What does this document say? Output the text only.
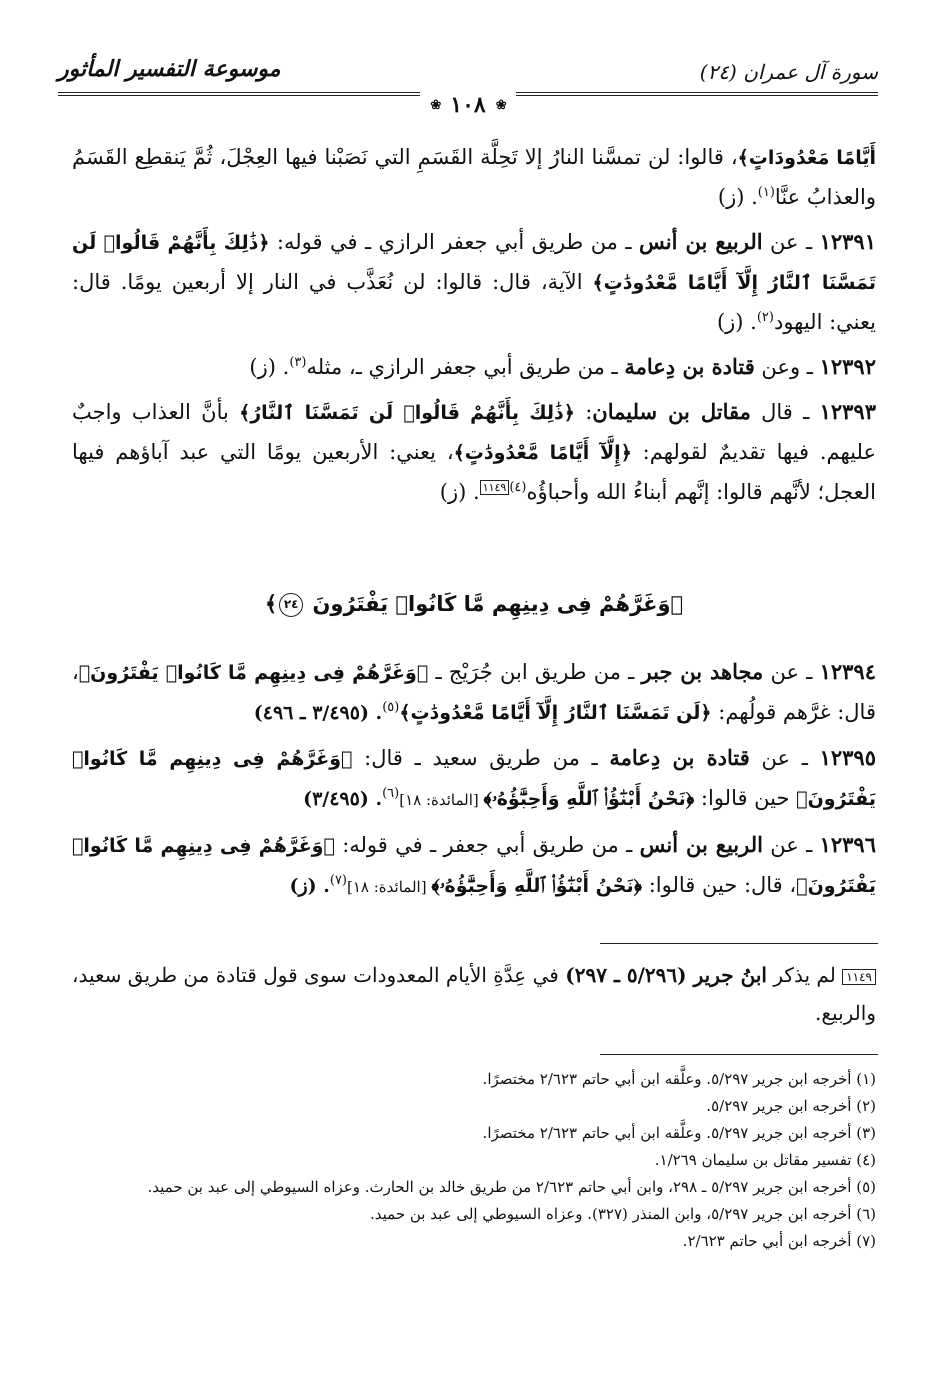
سورة آل عمران (٢٤)
موسوعة التفسير المأثور
❀
١٠٨
❀

أَيَّامًا مَعْدُودَاتٍ﴾، قالوا: لن تمسَّنا النارُ إلا تَحِلَّة القَسَمِ التي نَصَبْنا فيها العِجْلَ، ثُمَّ يَنقطِع القَسَمُ والعذابُ عنَّا$^{(١)}$. (ز)

١٢٣٩١ ـ عن الربيع بن أنس ـ من طريق أبي جعفر الرازي ـ في قوله: ﴿ذَٰلِكَ بِأَنَّهُمْ قَالُوا۟ لَن تَمَسَّنَا ٱلنَّارُ إِلَّآ أَيَّامًا مَّعْدُودَٰتٍ﴾ الآية، قال: قالوا: لن نُعَذَّب في النار إلا أربعين يومًا. قال: يعني: اليهود$^{(٢)}$. (ز)

١٢٣٩٢ ـ وعن قتادة بن دِعامة ـ من طريق أبي جعفر الرازي ـ، مثله$^{(٣)}$. (ز)

١٢٣٩٣ ـ قال مقاتل بن سليمان: ﴿ذَٰلِكَ بِأَنَّهُمْ قَالُوا۟ لَن تَمَسَّنَا ٱلنَّارُ﴾ بأنَّ العذاب واجبٌ عليهم. فيها تقديمٌ لقولهم: ﴿إِلَّآ أَيَّامًا مَّعْدُودَٰتٍ﴾، يعني: الأربعين يومًا التي عبد آباؤهم فيها العجل؛ لأنَّهم قالوا: إنَّهم أبناءُ الله وأحباؤُه$^{(٤)}$١١٤٩. (ز)

﴿وَغَرَّهُمْ فِى دِينِهِم مَّا كَانُوا۟ يَفْتَرُونَ ٢٤﴾

١٢٣٩٤ ـ عن مجاهد بن جبر ـ من طريق ابن جُرَيْج ـ ﴿وَغَرَّهُمْ فِى دِينِهِم مَّا كَانُوا۟ يَفْتَرُونَ﴾، قال: غرَّهم قولُهم: ﴿لَن تَمَسَّنَا ٱلنَّارُ إِلَّآ أَيَّامًا مَّعْدُودَٰتٍ﴾$^{(٥)}$. (٣/٤٩٥ ـ ٤٩٦)

١٢٣٩٥ ـ عن قتادة بن دِعامة ـ من طريق سعيد ـ قال: ﴿وَغَرَّهُمْ فِى دِينِهِم مَّا كَانُوا۟ يَفْتَرُونَ﴾ حين قالوا: ﴿نَحْنُ أَبْنَٰٓؤُا۟ ٱللَّهِ وَأَحِبَّٰٓؤُهُۥ﴾ [المائدة: ١٨]$^{(٦)}$. (٣/٤٩٥)

١٢٣٩٦ ـ عن الربيع بن أنس ـ من طريق أبي جعفر ـ في قوله: ﴿وَغَرَّهُمْ فِى دِينِهِم مَّا كَانُوا۟ يَفْتَرُونَ﴾، قال: حين قالوا: ﴿نَحْنُ أَبْنَٰٓؤُا۟ ٱللَّهِ وَأَحِبَّٰٓؤُهُۥ﴾ [المائدة: ١٨]$^{(٧)}$. (ز)

١١٤٩ لم يذكر ابنُ جرير (٥/٢٩٦ ـ ٢٩٧) في عِدَّةِ الأيام المعدودات سوى قول قتادة من طريق سعيد، والربيع.
(١) أخرجه ابن جرير ٥/٢٩٧. وعلَّقه ابن أبي حاتم ٢/٦٢٣ مختصرًا.
(٢) أخرجه ابن جرير ٥/٢٩٧.
(٣) أخرجه ابن جرير ٥/٢٩٧. وعلَّقه ابن أبي حاتم ٢/٦٢٣ مختصرًا.
(٤) تفسير مقاتل بن سليمان ١/٢٦٩.
(٥) أخرجه ابن جرير ٥/٢٩٧ ـ ٢٩٨، وابن أبي حاتم ٢/٦٢٣ من طريق خالد بن الحارث. وعزاه السيوطي إلى عبد بن حميد.
(٦) أخرجه ابن جرير ٥/٢٩٧، وابن المنذر (٣٢٧). وعزاه السيوطي إلى عبد بن حميد.
(٧) أخرجه ابن أبي حاتم ٢/٦٢٣.
